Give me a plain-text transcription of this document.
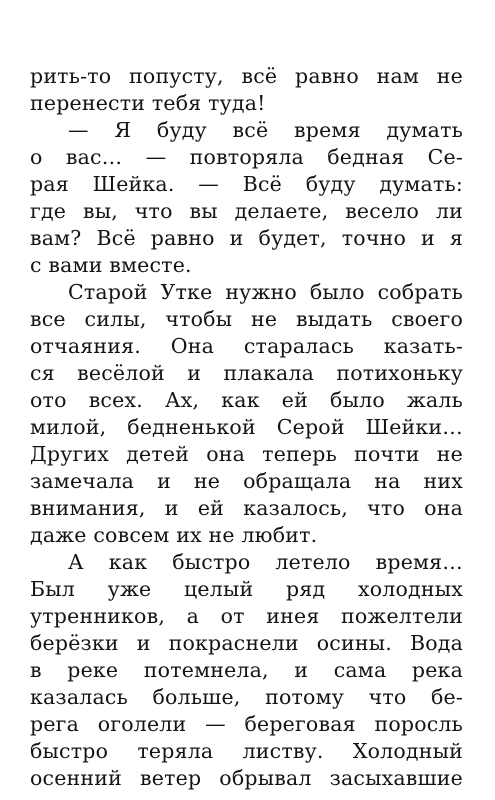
рить-то попусту, всё равно нам не
перенести тебя туда!
— Я буду всё время думать
о вас… — повторяла бедная Се-
рая Шейка. — Всё буду думать:
где вы, что вы делаете, весело ли
вам? Всё равно и будет, точно и я
с вами вместе.
Старой Утке нужно было собрать
все силы, чтобы не выдать своего
отчаяния. Она старалась казать-
ся весёлой и плакала потихоньку
ото всех. Ах, как ей было жаль
милой, бедненькой Серой Шейки…
Других детей она теперь почти не
замечала и не обращала на них
внимания, и ей казалось, что она
даже совсем их не любит.
А как быстро летело время…
Был уже целый ряд холодных
утренников, а от инея пожелтели
берёзки и покраснели осины. Вода
в реке потемнела, и сама река
казалась больше, потому что бе-
рега оголели — береговая поросль
быстро теряла листву. Холодный
осенний ветер обрывал засыхавшие
